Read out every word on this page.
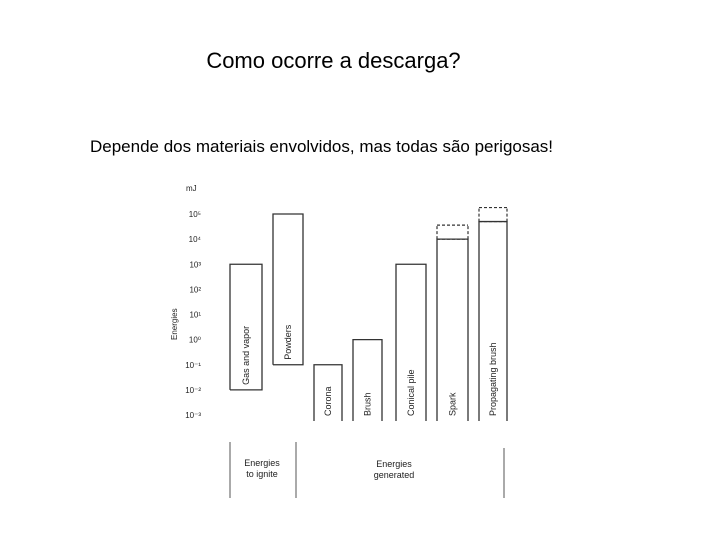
Como ocorre a descarga?
Depende dos materiais envolvidos, mas todas são perigosas!
mJ
Energies
10⁵
10⁴
10³
10²
10¹
10⁰
10⁻¹
10⁻²
10⁻³
Gas and vapor	Powders
Corona	Brush	Conical pile	Spark	Propagating brush
Energies to ignite
Energies generated
